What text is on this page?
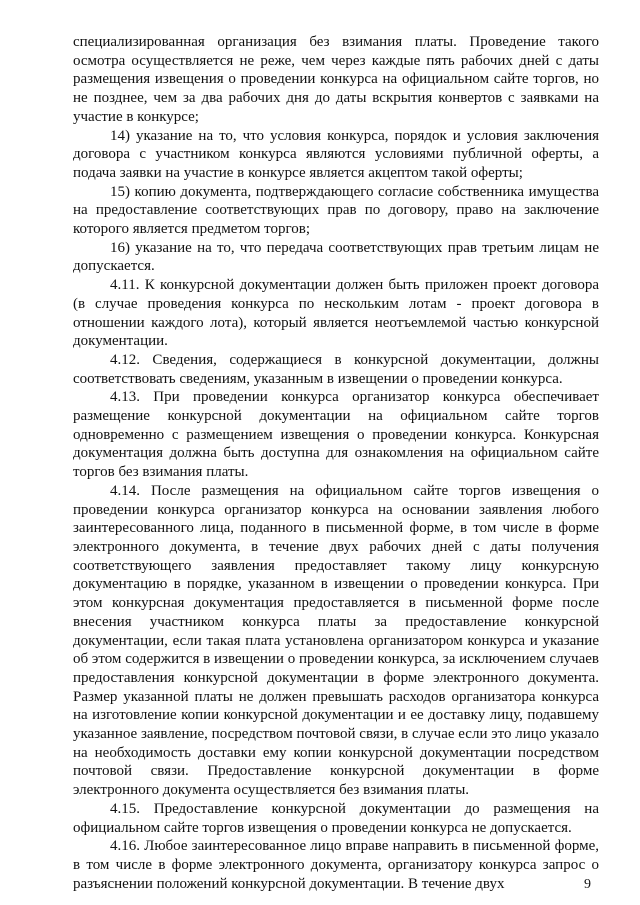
специализированная организация без взимания платы. Проведение такого осмотра осуществляется не реже, чем через каждые пять рабочих дней с даты размещения извещения о проведении конкурса на официальном сайте торгов, но не позднее, чем за два рабочих дня до даты вскрытия конвертов с заявками на участие в конкурсе;

14) указание на то, что условия конкурса, порядок и условия заключения договора с участником конкурса являются условиями публичной оферты, а подача заявки на участие в конкурсе является акцептом такой оферты;

15) копию документа, подтверждающего согласие собственника имущества на предоставление соответствующих прав по договору, право на заключение которого является предметом торгов;

16) указание на то, что передача соответствующих прав третьим лицам не допускается.

4.11. К конкурсной документации должен быть приложен проект договора (в случае проведения конкурса по нескольким лотам - проект договора в отношении каждого лота), который является неотъемлемой частью конкурсной документации.

4.12. Сведения, содержащиеся в конкурсной документации, должны соответствовать сведениям, указанным в извещении о проведении конкурса.

4.13. При проведении конкурса организатор конкурса обеспечивает размещение конкурсной документации на официальном сайте торгов одновременно с размещением извещения о проведении конкурса. Конкурсная документация должна быть доступна для ознакомления на официальном сайте торгов без взимания платы.

4.14. После размещения на официальном сайте торгов извещения о проведении конкурса организатор конкурса на основании заявления любого заинтересованного лица, поданного в письменной форме, в том числе в форме электронного документа, в течение двух рабочих дней с даты получения соответствующего заявления предоставляет такому лицу конкурсную документацию в порядке, указанном в извещении о проведении конкурса. При этом конкурсная документация предоставляется в письменной форме после внесения участником конкурса платы за предоставление конкурсной документации, если такая плата установлена организатором конкурса и указание об этом содержится в извещении о проведении конкурса, за исключением случаев предоставления конкурсной документации в форме электронного документа. Размер указанной платы не должен превышать расходов организатора конкурса на изготовление копии конкурсной документации и ее доставку лицу, подавшему указанное заявление, посредством почтовой связи, в случае если это лицо указало на необходимость доставки ему копии конкурсной документации посредством почтовой связи. Предоставление конкурсной документации в форме электронного документа осуществляется без взимания платы.

4.15. Предоставление конкурсной документации до размещения на официальном сайте торгов извещения о проведении конкурса не допускается.

4.16. Любое заинтересованное лицо вправе направить в письменной форме, в том числе в форме электронного документа, организатору конкурса запрос о разъяснении положений конкурсной документации. В течение двух	9
